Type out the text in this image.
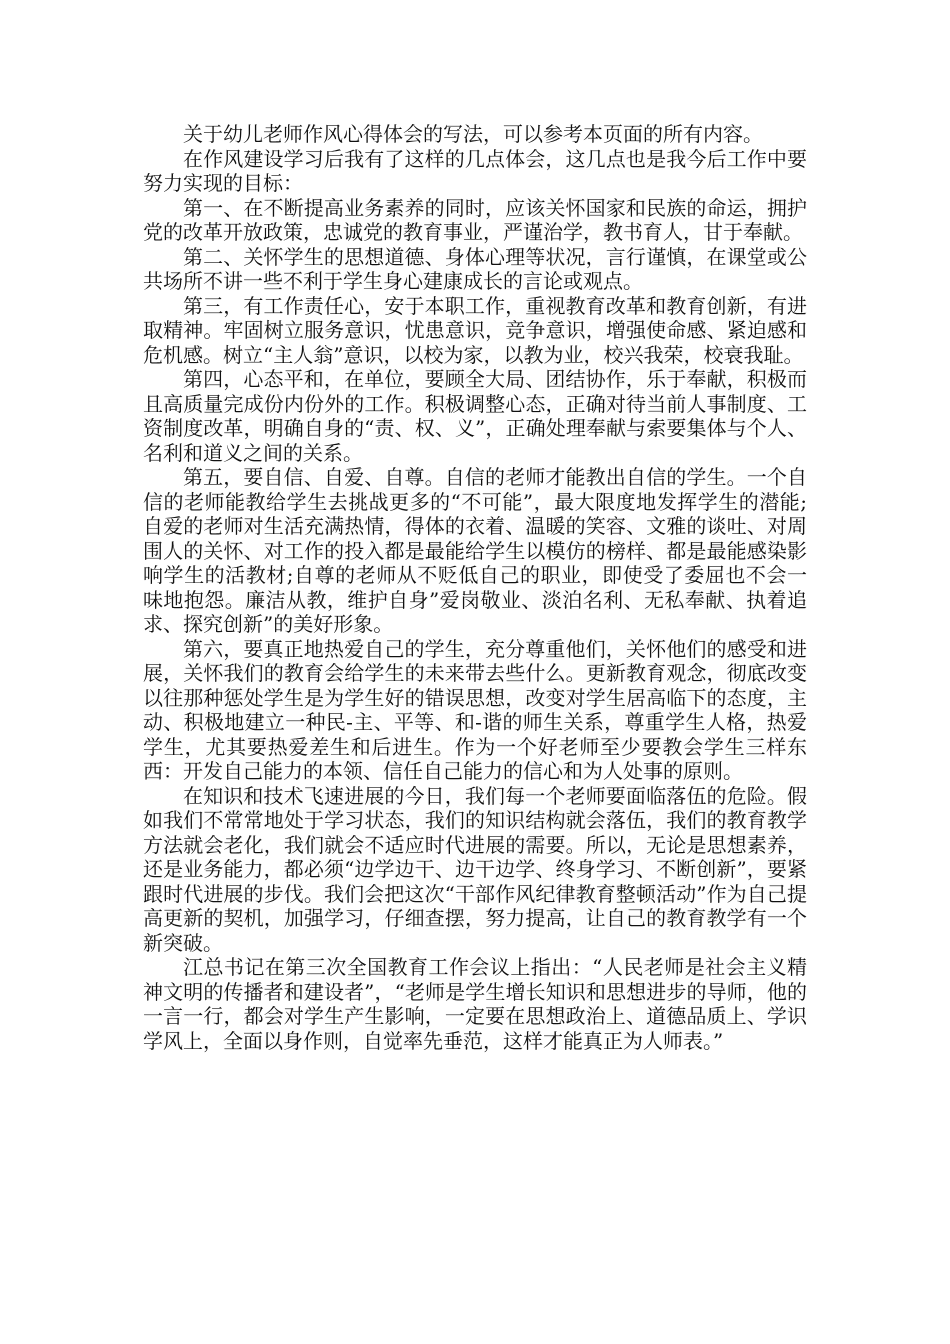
关于幼儿老师作风心得体会的写法，可以参考本页面的所有内容。

在作风建设学习后我有了这样的几点体会，这几点也是我今后工作中要努力实现的目标：

第一、在不断提高业务素养的同时，应该关怀国家和民族的命运，拥护党的改革开放政策，忠诚党的教育事业，严谨治学，教书育人，甘于奉献。

第二、关怀学生的思想道德、身体心理等状况，言行谨慎，在课堂或公共场所不讲一些不利于学生身心建康成长的言论或观点。

第三，有工作责任心，安于本职工作，重视教育改革和教育创新，有进取精神。牢固树立服务意识，忧患意识，竞争意识，增强使命感、紧迫感和危机感。树立“主人翁”意识，以校为家，以教为业，校兴我荣，校衰我耻。

第四，心态平和，在单位，要顾全大局、团结协作，乐于奉献，积极而且高质量完成份内份外的工作。积极调整心态，正确对待当前人事制度、工资制度改革，明确自身的“责、权、义”，正确处理奉献与索要集体与个人、名利和道义之间的关系。

第五，要自信、自爱、自尊。自信的老师才能教出自信的学生。一个自信的老师能教给学生去挑战更多的“不可能”，最大限度地发挥学生的潜能;自爱的老师对生活充满热情，得体的衣着、温暖的笑容、文雅的谈吐、对周围人的关怀、对工作的投入都是最能给学生以模仿的榜样、都是最能感染影响学生的活教材;自尊的老师从不贬低自己的职业，即使受了委屈也不会一味地抱怨。廉洁从教，维护自身”爱岗敬业、淡泊名利、无私奉献、执着追求、探究创新”的美好形象。

第六，要真正地热爱自己的学生，充分尊重他们，关怀他们的感受和进展，关怀我们的教育会给学生的未来带去些什么。更新教育观念，彻底改变以往那种惩处学生是为学生好的错误思想，改变对学生居高临下的态度，主动、积极地建立一种民-主、平等、和-谐的师生关系，尊重学生人格，热爱学生，尤其要热爱差生和后进生。作为一个好老师至少要教会学生三样东西：开发自己能力的本领、信任自己能力的信心和为人处事的原则。

在知识和技术飞速进展的今日，我们每一个老师要面临落伍的危险。假如我们不常常地处于学习状态，我们的知识结构就会落伍，我们的教育教学方法就会老化，我们就会不适应时代进展的需要。所以，无论是思想素养，还是业务能力，都必须“边学边干、边干边学、终身学习、不断创新”，要紧跟时代进展的步伐。我们会把这次“干部作风纪律教育整顿活动”作为自己提高更新的契机，加强学习，仔细查摆，努力提高，让自己的教育教学有一个新突破。

江总书记在第三次全国教育工作会议上指出：“人民老师是社会主义精神文明的传播者和建设者”，“老师是学生增长知识和思想进步的导师，他的一言一行，都会对学生产生影响，一定要在思想政治上、道德品质上、学识学风上，全面以身作则，自觉率先垂范，这样才能真正为人师表。”
